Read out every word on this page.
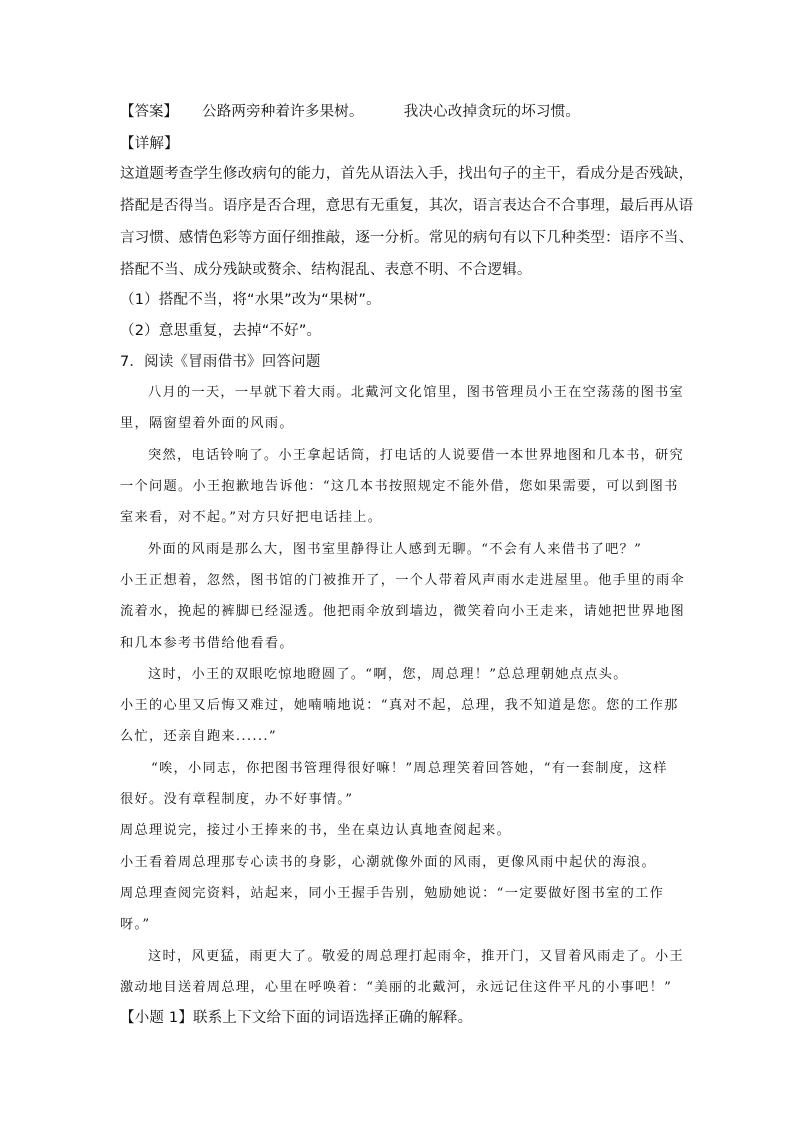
【答案】 公路两旁种着许多果树。	我决心改掉贪玩的坏习惯。
【详解】
这道题考查学生修改病句的能力，首先从语法入手，找出句子的主干，看成分是否残缺，
搭配是否得当。语序是否合理，意思有无重复，其次，语言表达合不合事理，最后再从语
言习惯、感情色彩等方面仔细推敲，逐一分析。常见的病句有以下几种类型：语序不当、
搭配不当、成分残缺或赘余、结构混乱、表意不明、不合逻辑。
（1）搭配不当，将“水果”改为“果树”。
（2）意思重复，去掉“不好”。
7．阅读《冒雨借书》回答问题
八月的一天，一早就下着大雨。北戴河文化馆里，图书管理员小王在空荡荡的图书室
里，隔窗望着外面的风雨。
突然，电话铃响了。小王拿起话筒，打电话的人说要借一本世界地图和几本书，研究
一个问题。小王抱歉地告诉他：“这几本书按照规定不能外借，您如果需要，可以到图书
室来看，对不起。”对方只好把电话挂上。
外面的风雨是那么大，图书室里静得让人感到无聊。“不会有人来借书了吧？”
小王正想着，忽然，图书馆的门被推开了，一个人带着风声雨水走进屋里。他手里的雨伞
流着水，挽起的裤脚已经湿透。他把雨伞放到墙边，微笑着向小王走来，请她把世界地图
和几本参考书借给他看看。
这时，小王的双眼吃惊地瞪圆了。“啊，您，周总理！”总总理朝她点点头。
小王的心里又后悔又难过，她喃喃地说：“真对不起，总理，我不知道是您。您的工作那
么忙，还亲自跑来......”
“唉，小同志，你把图书管理得很好嘛！”周总理笑着回答她，“有一套制度，这样
很好。没有章程制度，办不好事情。”
周总理说完，接过小王捧来的书，坐在桌边认真地查阅起来。
小王看着周总理那专心读书的身影，心潮就像外面的风雨，更像风雨中起伏的海浪。
周总理查阅完资料，站起来，同小王握手告别，勉励她说：“一定要做好图书室的工作
呀。”
这时，风更猛，雨更大了。敬爱的周总理打起雨伞，推开门，又冒着风雨走了。小王
激动地目送着周总理，心里在呼唤着：“美丽的北戴河，永远记住这件平凡的小事吧！”
【小题 1】联系上下文给下面的词语选择正确的解释。
